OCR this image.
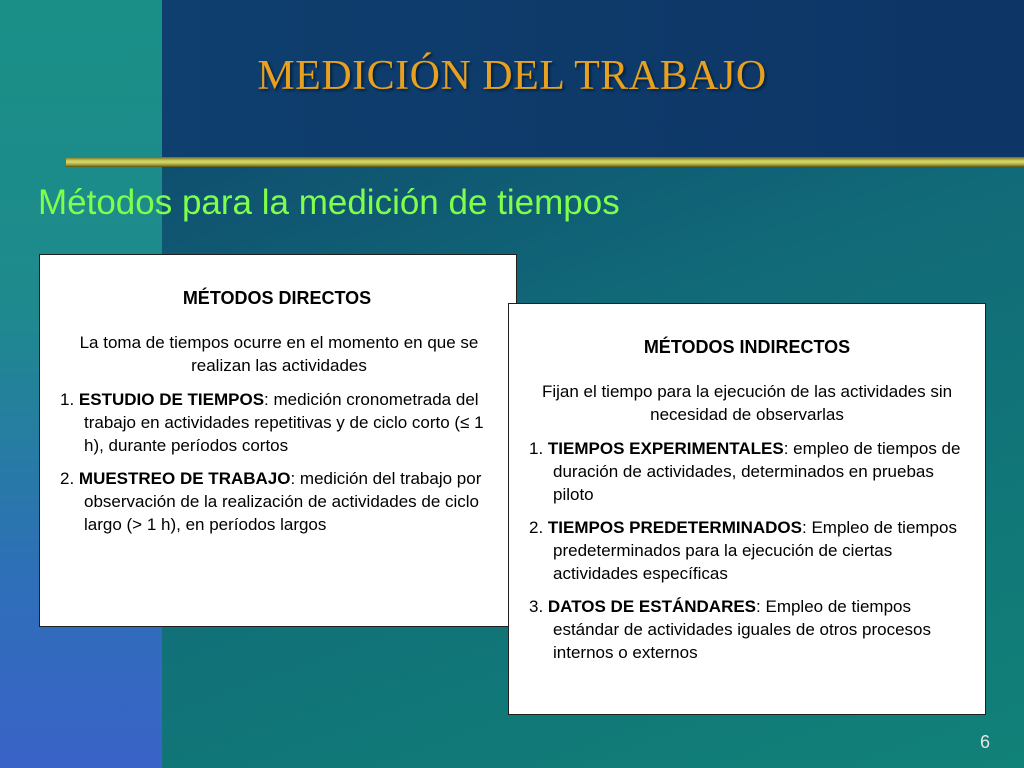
MEDICIÓN DEL TRABAJO
Métodos para la medición de tiempos
MÉTODOS DIRECTOS
La toma de tiempos ocurre en el momento en que se realizan las actividades
1. ESTUDIO DE TIEMPOS: medición cronometrada del trabajo en actividades repetitivas y de ciclo corto (≤ 1 h), durante períodos cortos
2. MUESTREO DE TRABAJO: medición del trabajo por observación de la realización de actividades de ciclo largo (> 1 h), en períodos largos
MÉTODOS INDIRECTOS
Fijan el tiempo para la ejecución de las actividades sin necesidad de observarlas
1. TIEMPOS EXPERIMENTALES: empleo de tiempos de duración de actividades, determinados en pruebas piloto
2. TIEMPOS PREDETERMINADOS: Empleo de tiempos predeterminados para la ejecución de ciertas actividades específicas
3. DATOS DE ESTÁNDARES: Empleo de tiempos estándar de actividades iguales de otros procesos internos o externos
6
